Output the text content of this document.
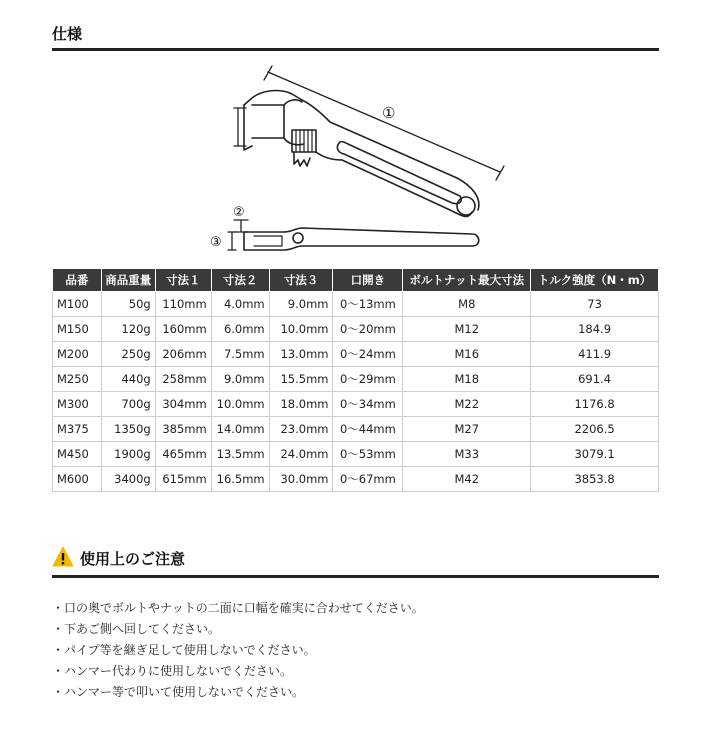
仕様
①
②
③
品番	商品重量	寸法１	寸法２	寸法３	口開き	ボルトナット最大寸法	トルク強度（N・m）
M100	50g	110mm	4.0mm	9.0mm	0～13mm	M8	73
M150	120g	160mm	6.0mm	10.0mm	0～20mm	M12	184.9
M200	250g	206mm	7.5mm	13.0mm	0～24mm	M16	411.9
M250	440g	258mm	9.0mm	15.5mm	0～29mm	M18	691.4
M300	700g	304mm	10.0mm	18.0mm	0～34mm	M22	1176.8
M375	1350g	385mm	14.0mm	23.0mm	0～44mm	M27	2206.5
M450	1900g	465mm	13.5mm	24.0mm	0～53mm	M33	3079.1
M600	3400g	615mm	16.5mm	30.0mm	0～67mm	M42	3853.8
使用上のご注意
・口の奥でボルトやナットの二面に口幅を確実に合わせてください。
・下あご側へ回してください。
・パイプ等を継ぎ足して使用しないでください。
・ハンマー代わりに使用しないでください。
・ハンマー等で叩いて使用しないでください。
